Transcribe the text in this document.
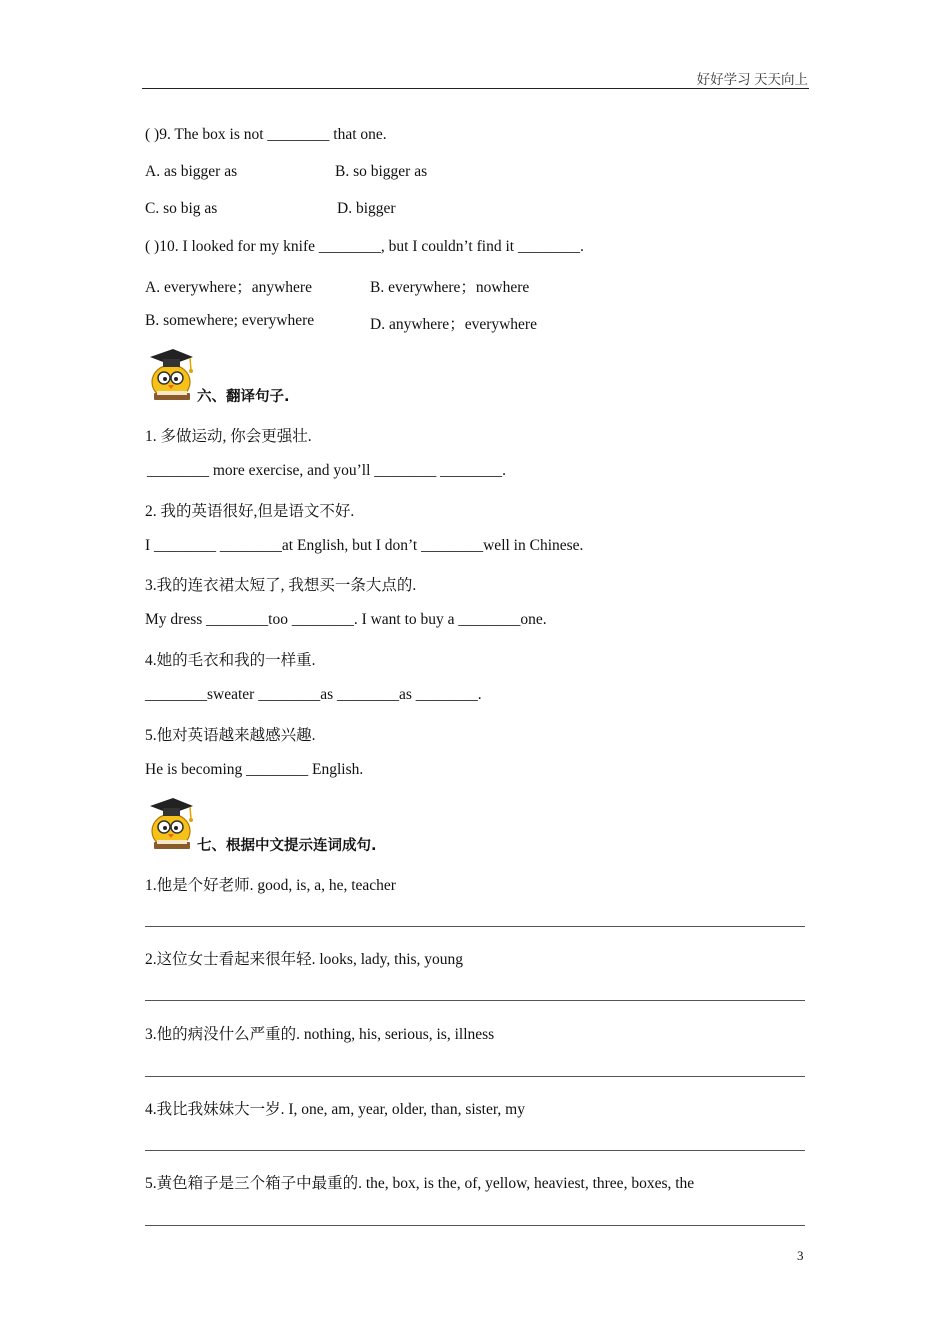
好好学习 天天向上
( )9. The box is not ________ that one.
A. as bigger as	B. so bigger as
C. so big as	D. bigger
( )10. I looked for my knife ________, but I couldn’t find it ________.
A. everywhere；anywhere	B. everywhere；nowhere
B. somewhere; everywhere	D. anywhere；everywhere
六、翻译句子.
1. 多做运动, 你会更强壮.
________ more exercise, and you’ll ________ ________.
2. 我的英语很好,但是语文不好.
I ________ ________at English, but I don’t ________well in Chinese.
3.我的连衣裙太短了, 我想买一条大点的.
My dress ________too ________. I want to buy a ________one.
4.她的毛衣和我的一样重.
________sweater ________as ________as ________.
5.他对英语越来越感兴趣.
He is becoming ________ English.
七、根据中文提示连词成句.
1.他是个好老师. good, is, a, he, teacher
2.这位女士看起来很年轻. looks, lady, this, young
3.他的病没什么严重的. nothing, his, serious, is, illness
4.我比我妹妹大一岁. I, one, am, year, older, than, sister, my
5.黄色箱子是三个箱子中最重的. the, box, is the, of, yellow, heaviest, three, boxes, the
3
